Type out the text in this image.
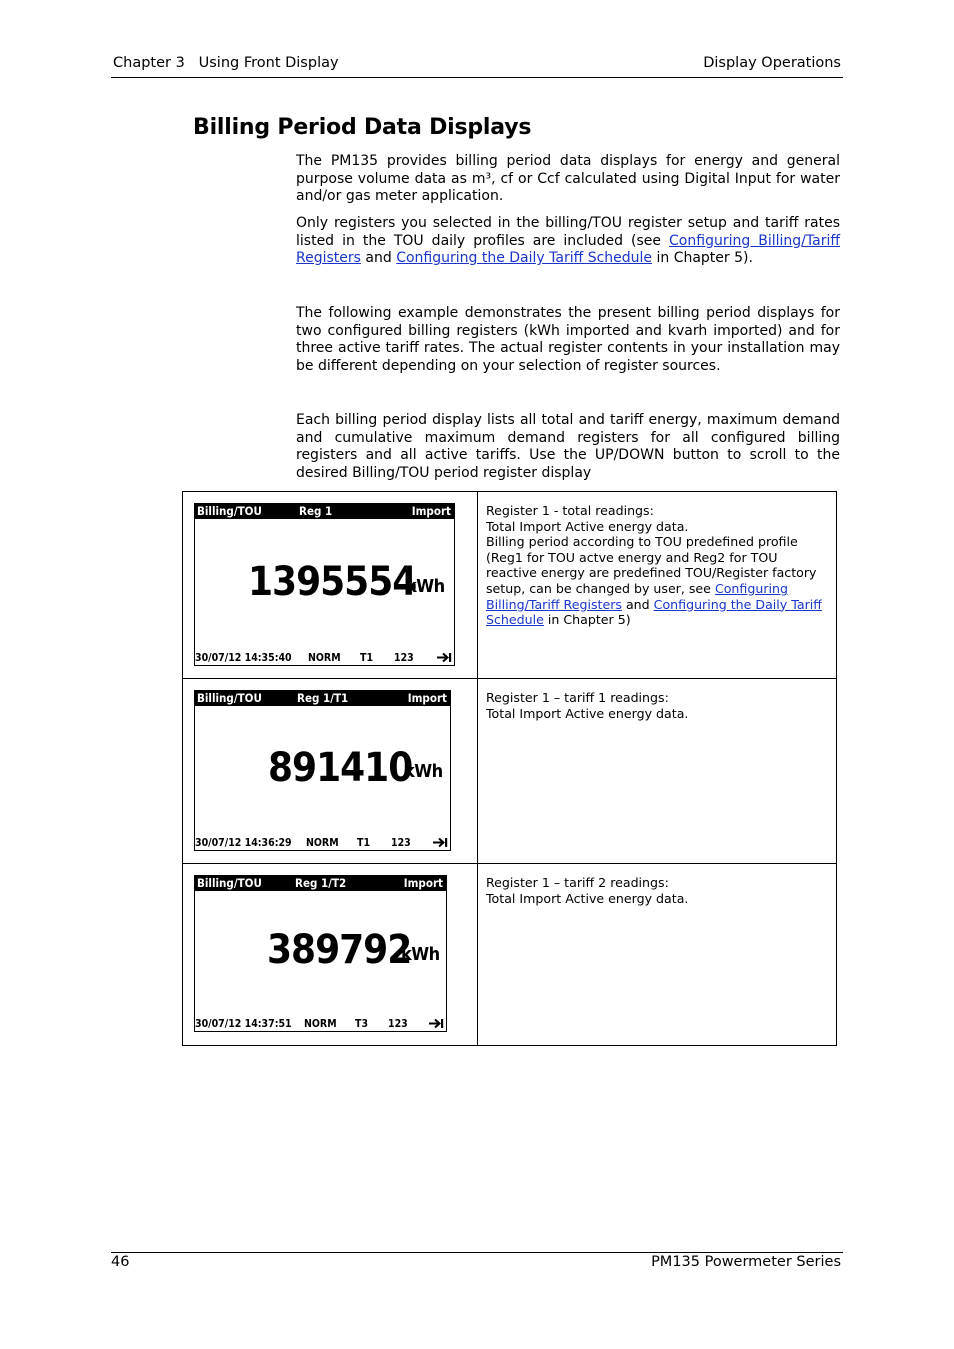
Chapter 3   Using Front Display	Display Operations
Billing Period Data Displays

The PM135 provides billing period data displays for energy and general purpose volume data as m³, cf or Ccf calculated using Digital Input for water and/or gas meter application.

Only registers you selected in the billing/TOU register setup and tariff rates listed in the TOU daily profiles are included (see Configuring Billing/Tariff Registers and Configuring the Daily Tariff Schedule in Chapter 5).

The following example demonstrates the present billing period displays for two configured billing registers (kWh imported and kvarh imported) and for three active tariff rates. The actual register contents in your installation may be different depending on your selection of register sources.

Each billing period display lists all total and tariff energy, maximum demand and cumulative maximum demand registers for all configured billing registers and all active tariffs. Use the UP/DOWN button to scroll to the desired Billing/TOU period register display

Billing/TOU	Reg 1	Import
1395554
kWh
30/07/12 14:35:40 NORM T1 123
Register 1 - total readings:
Total Import Active energy data.
Billing period according to TOU predefined profile (Reg1 for TOU actve energy and Reg2 for TOU reactive energy are predefined TOU/Register factory setup, can be changed by user, see Configuring Billing/Tariff Registers and Configuring the Daily Tariff Schedule in Chapter 5)
Billing/TOU	Reg 1/T1	Import
891410
kWh
30/07/12 14:36:29 NORM T1 123
Register 1 – tariff 1 readings:
Total Import Active energy data.
Billing/TOU	Reg 1/T2	Import
389792
kWh
30/07/12 14:37:51 NORM T3 123
Register 1 – tariff 2 readings:
Total Import Active energy data.
46	PM135 Powermeter Series
